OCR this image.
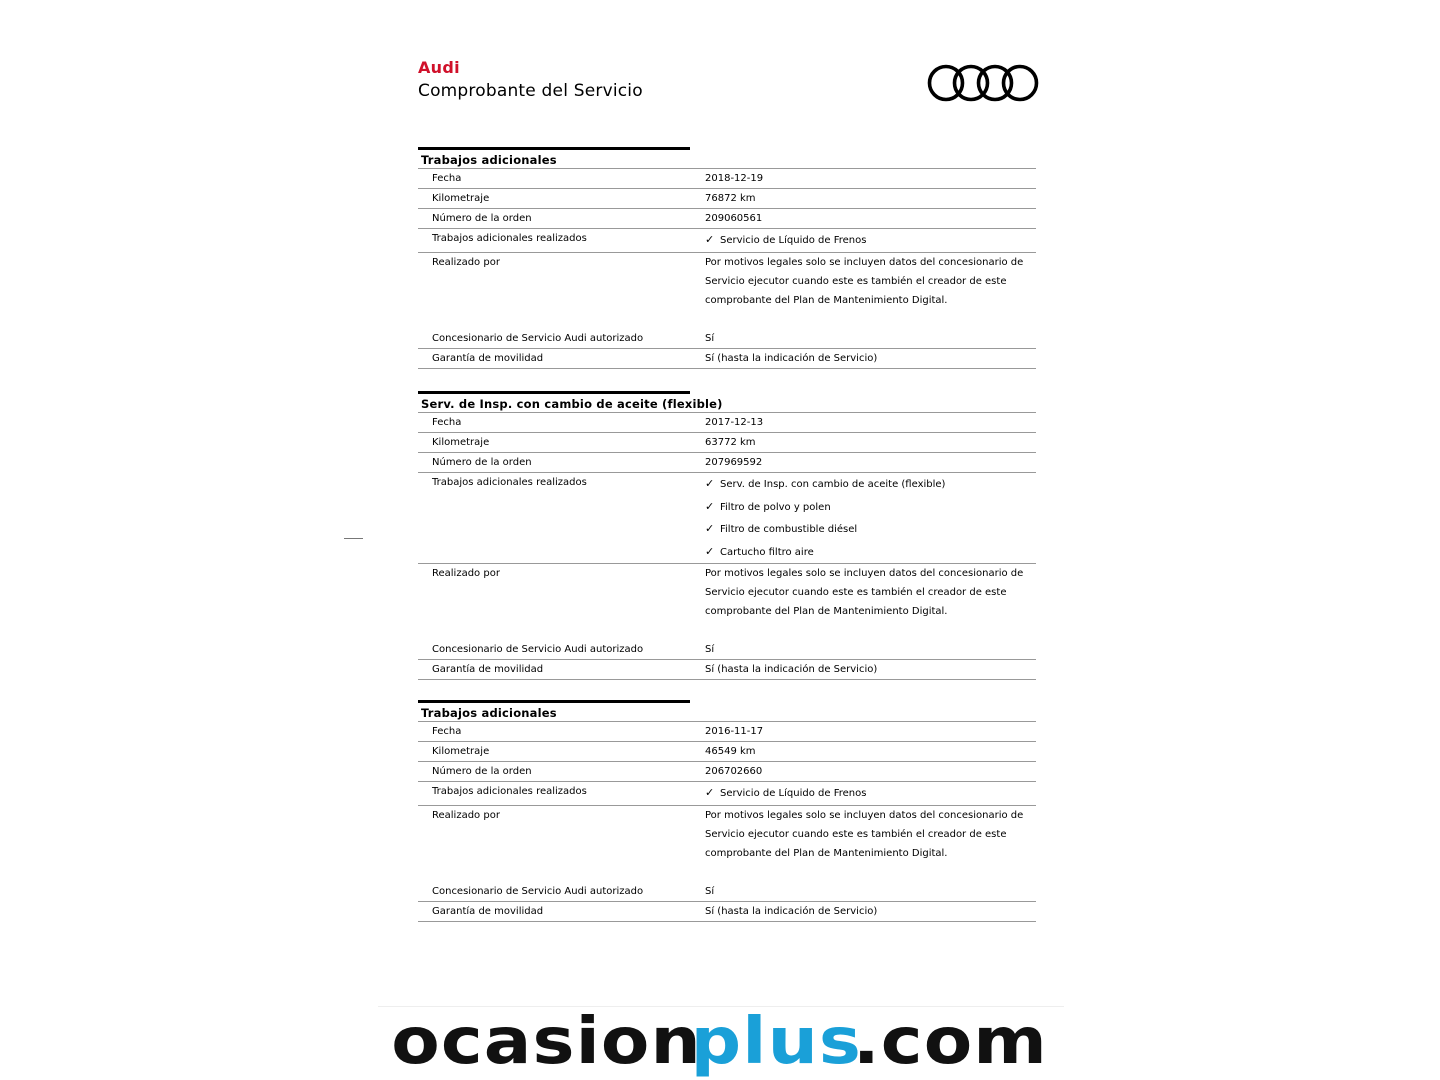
Audi
Comprobante del Servicio
Trabajos adicionales
Fecha	2018-12-19
Kilometraje	76872 km
Número de la orden	209060561
Trabajos adicionales realizados	✓ Servicio de Líquido de Frenos
Realizado por	Por motivos legales solo se incluyen datos del concesionario de Servicio ejecutor cuando este es también el creador de este comprobante del Plan de Mantenimiento Digital.
Concesionario de Servicio Audi autorizado	Sí
Garantía de movilidad	Sí (hasta la indicación de Servicio)
Serv. de Insp. con cambio de aceite (flexible)
Fecha	2017-12-13
Kilometraje	63772 km
Número de la orden	207969592
Trabajos adicionales realizados	✓ Serv. de Insp. con cambio de aceite (flexible)
✓ Filtro de polvo y polen
✓ Filtro de combustible diésel
✓ Cartucho filtro aire
Realizado por	Por motivos legales solo se incluyen datos del concesionario de Servicio ejecutor cuando este es también el creador de este comprobante del Plan de Mantenimiento Digital.
Concesionario de Servicio Audi autorizado	Sí
Garantía de movilidad	Sí (hasta la indicación de Servicio)
Trabajos adicionales
Fecha	2016-11-17
Kilometraje	46549 km
Número de la orden	206702660
Trabajos adicionales realizados	✓ Servicio de Líquido de Frenos
Realizado por	Por motivos legales solo se incluyen datos del concesionario de Servicio ejecutor cuando este es también el creador de este comprobante del Plan de Mantenimiento Digital.
Concesionario de Servicio Audi autorizado	Sí
Garantía de movilidad	Sí (hasta la indicación de Servicio)
ocasionplus.com
